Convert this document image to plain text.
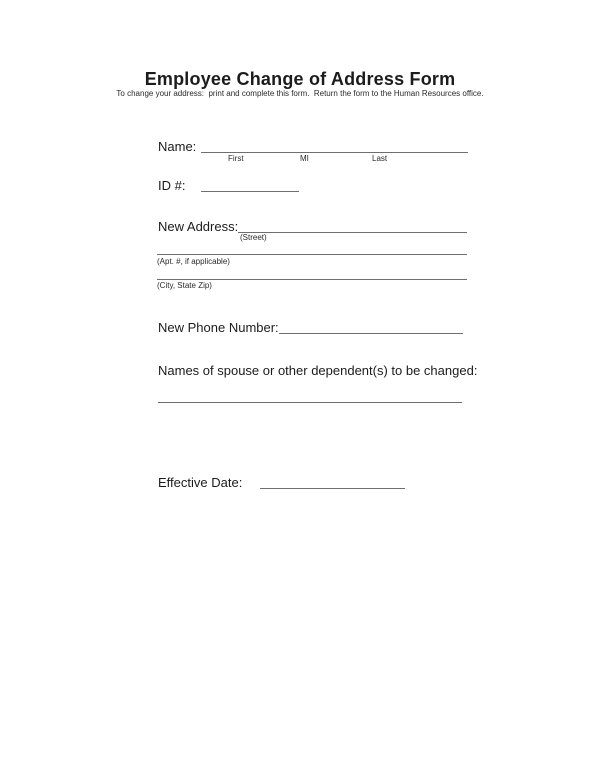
Employee Change of Address Form
To change your address:  print and complete this form.  Return the form to the Human Resources office.
Name:
First	MI	Last
ID #:
New Address:
(Street)
(Apt. #, if applicable)
(City, State Zip)
New Phone Number:
Names of spouse or other dependent(s) to be changed:
Effective Date:
